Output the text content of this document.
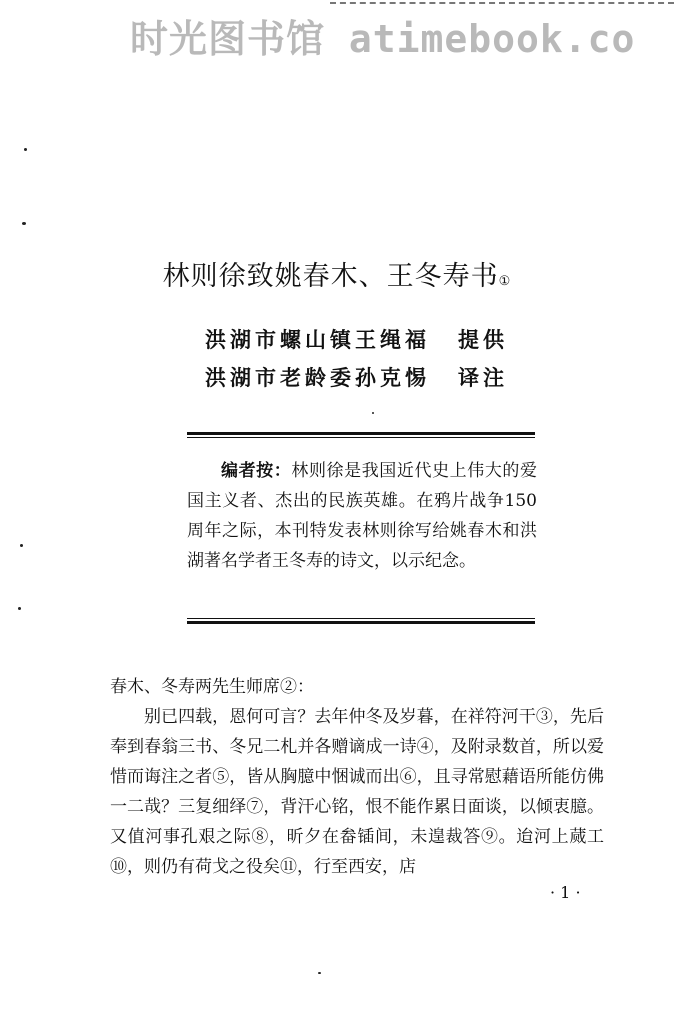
时光图书馆 atimebook.co
林则徐致姚春木、王冬寿书①
洪湖市螺山镇王绳福 提供
洪湖市老龄委孙克惕 译注
编者按：林则徐是我国近代史上伟大的爱国主义者、杰出的民族英雄。在鸦片战争150周年之际，本刊特发表林则徐写给姚春木和洪湖著名学者王冬寿的诗文，以示纪念。
春木、冬寿两先生师席②：
别已四载，恩何可言？去年仲冬及岁暮，在祥符河干③，先后奉到春翁三书、冬兄二札并各赠谪成一诗④，及附录数首，所以爱惜而诲注之者⑤，皆从胸臆中悃诚而出⑥，且寻常慰藉语所能仿佛一二哉？三复细绎⑦，背汗心铭，恨不能作累日面谈，以倾衷臆。又值河事孔艰之际⑧，昕夕在畚锸间，未遑裁答⑨。迨河上蒇工⑩，则仍有荷戈之役矣⑪，行至西安，店
· 1 ·
